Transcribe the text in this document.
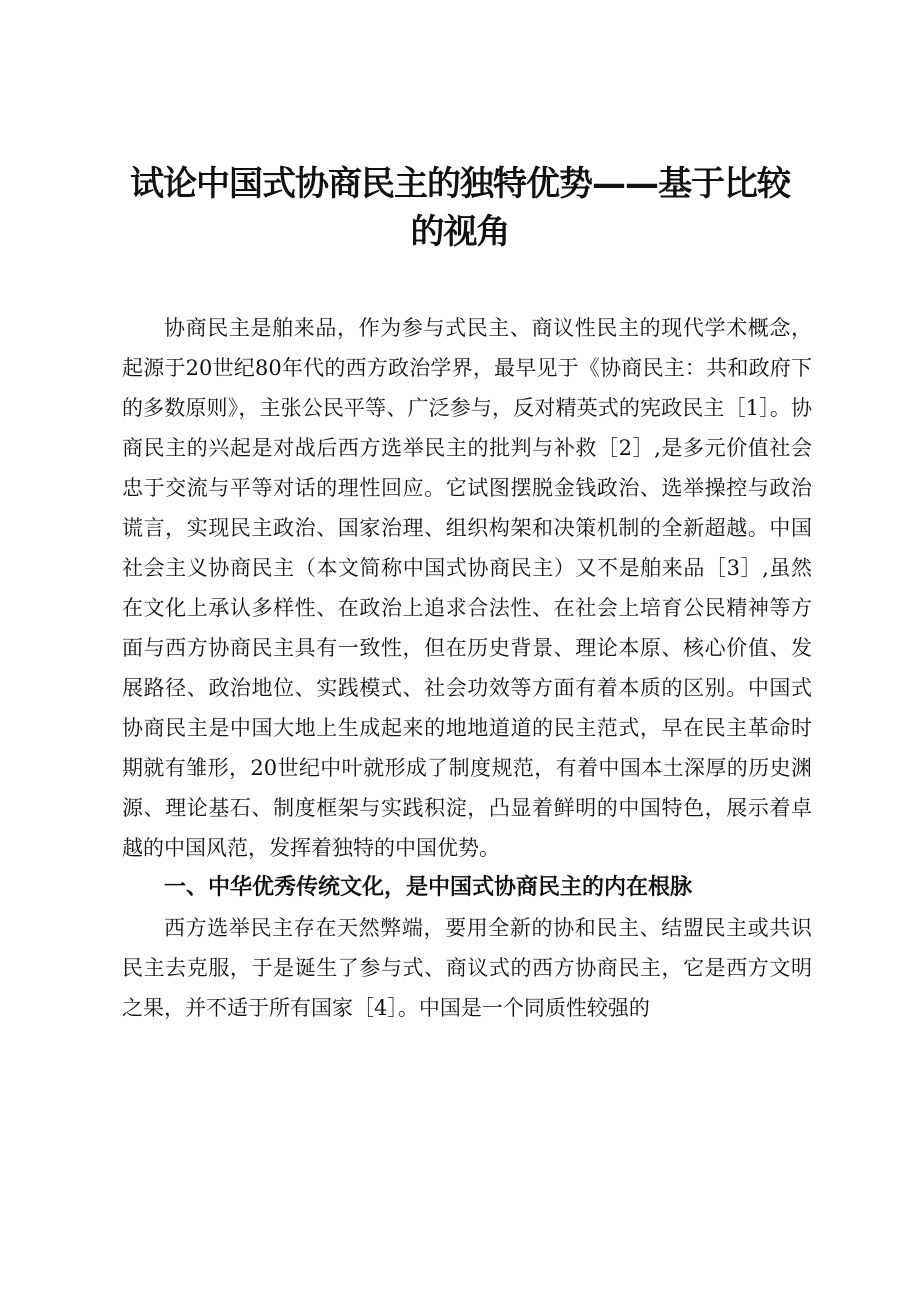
试论中国式协商民主的独特优势——基于比较
的视角

协商民主是舶来品，作为参与式民主、商议性民主的现代学术概念，起源于20世纪80年代的西方政治学界，最早见于《协商民主：共和政府下的多数原则》，主张公民平等、广泛参与，反对精英式的宪政民主［1］。协商民主的兴起是对战后西方选举民主的批判与补救［2］,是多元价值社会忠于交流与平等对话的理性回应。它试图摆脱金钱政治、选举操控与政治谎言，实现民主政治、国家治理、组织构架和决策机制的全新超越。中国社会主义协商民主（本文简称中国式协商民主）又不是舶来品［3］,虽然在文化上承认多样性、在政治上追求合法性、在社会上培育公民精神等方面与西方协商民主具有一致性，但在历史背景、理论本原、核心价值、发展路径、政治地位、实践模式、社会功效等方面有着本质的区别。中国式协商民主是中国大地上生成起来的地地道道的民主范式，早在民主革命时期就有雏形，20世纪中叶就形成了制度规范，有着中国本土深厚的历史渊源、理论基石、制度框架与实践积淀，凸显着鲜明的中国特色，展示着卓越的中国风范，发挥着独特的中国优势。

一、中华优秀传统文化，是中国式协商民主的内在根脉

西方选举民主存在天然弊端，要用全新的协和民主、结盟民主或共识民主去克服，于是诞生了参与式、商议式的西方协商民主，它是西方文明之果，并不适于所有国家［4］。中国是一个同质性较强的
